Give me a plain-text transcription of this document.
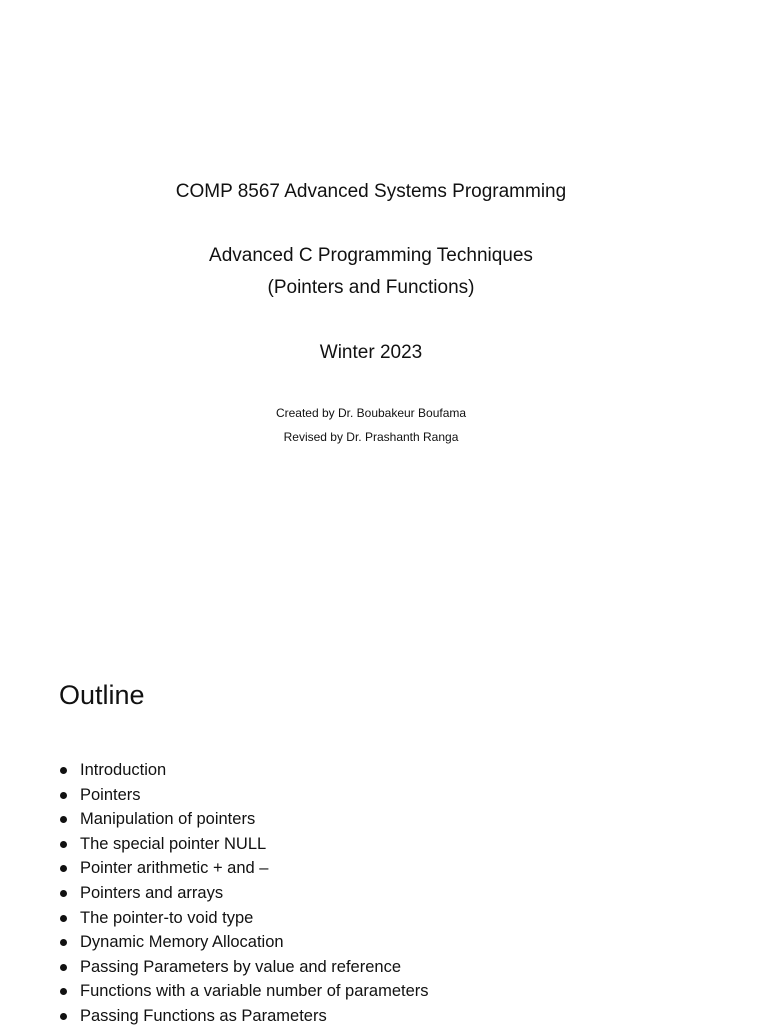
COMP 8567 Advanced Systems Programming
Advanced C Programming Techniques
(Pointers and Functions)
Winter 2023
Created by Dr. Boubakeur Boufama
Revised by Dr. Prashanth Ranga
Outline
Introduction
Pointers
Manipulation of pointers
The special pointer NULL
Pointer arithmetic + and –
Pointers and arrays
The pointer-to void type
Dynamic Memory Allocation
Passing Parameters by value and reference
Functions with a variable number of parameters
Passing Functions as Parameters
